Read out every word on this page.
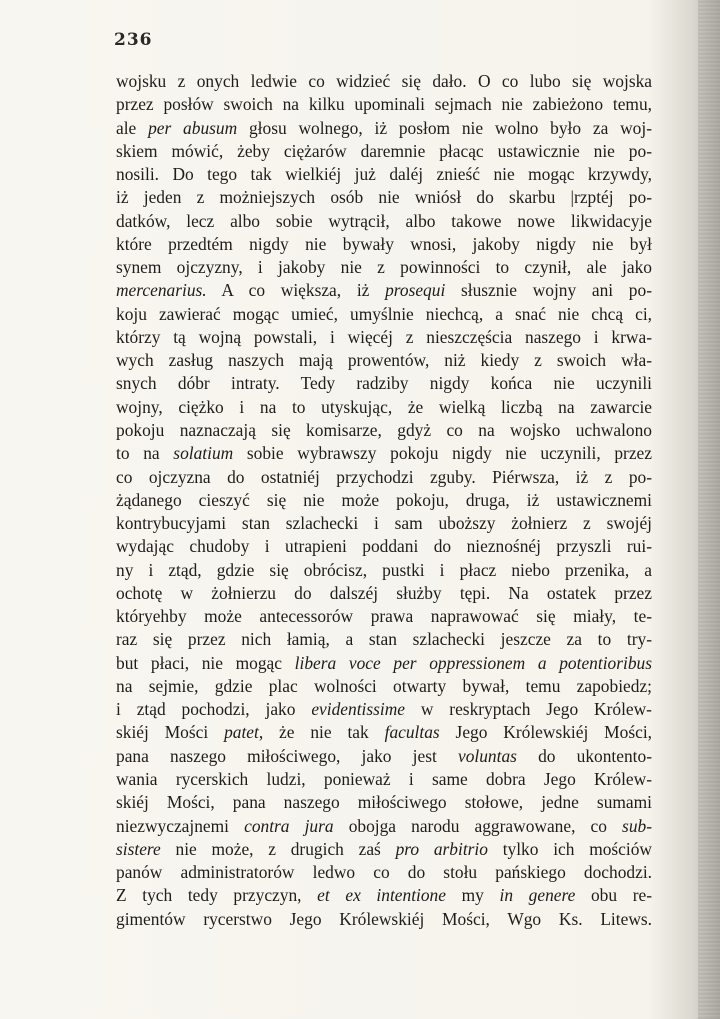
236
wojsku z onych ledwie co widzieć się dało. O co lubo się wojska
przez posłów swoich na kilku upominali sejmach nie zabieżono temu,
ale per abusum głosu wolnego, iż posłom nie wolno było za woj-
skiem mówić, żeby ciężarów daremnie płacąc ustawicznie nie po-
nosili. Do tego tak wielkiéj już daléj znieść nie mogąc krzywdy,
iż jeden z możniejszych osób nie wniósł do skarbu |rzptéj po-
datków, lecz albo sobie wytrącił, albo takowe nowe likwidacyje
które przedtém nigdy nie bywały wnosi, jakoby nigdy nie był
synem ojczyzny, i jakoby nie z powinności to czynił, ale jako
mercenarius. A co większa, iż prosequi słusznie wojny ani po-
koju zawierać mogąc umieć, umyślnie niechcą, a snać nie chcą ci,
którzy tą wojną powstali, i więcéj z nieszczęścia naszego i krwa-
wych zasług naszych mają prowentów, niż kiedy z swoich wła-
snych dóbr intraty. Tedy radziby nigdy końca nie uczynili
wojny, ciężko i na to utyskując, że wielką liczbą na zawarcie
pokoju naznaczają się komisarze, gdyż co na wojsko uchwalono
to na solatium sobie wybrawszy pokoju nigdy nie uczynili, przez
co ojczyzna do ostatniéj przychodzi zguby. Piérwsza, iż z po-
żądanego cieszyć się nie może pokoju, druga, iż ustawicznemi
kontrybucyjami stan szlachecki i sam uboższy żołnierz z swojéj
wydając chudoby i utrapieni poddani do nieznośnéj przyszli rui-
ny i ztąd, gdzie się obrócisz, pustki i płacz niebo przenika, a
ochotę w żołnierzu do dalszéj służby tępi. Na ostatek przez
któryehby może antecessorów prawa naprawować się miały, te-
raz się przez nich łamią, a stan szlachecki jeszcze za to try-
but płaci, nie mogąc libera voce per oppressionem a potentioribus
na sejmie, gdzie plac wolności otwarty bywał, temu zapobiedz;
i ztąd pochodzi, jako evidentissime w reskryptach Jego Królew-
skiéj Mości patet, że nie tak facultas Jego Królewskiéj Mości,
pana naszego miłościwego, jako jest voluntas do ukontento-
wania rycerskich ludzi, ponieważ i same dobra Jego Królew-
skiéj Mości, pana naszego miłościwego stołowe, jedne sumami
niezwyczajnemi contra jura obojga narodu aggrawowane, co sub-
sistere nie może, z drugich zaś pro arbitrio tylko ich mościów
panów administratorów ledwo co do stołu pańskiego dochodzi.
Z tych tedy przyczyn, et ex intentione my in genere obu re-
gimentów rycerstwo Jego Królewskiéj Mości, Wgo Ks. Litews.
